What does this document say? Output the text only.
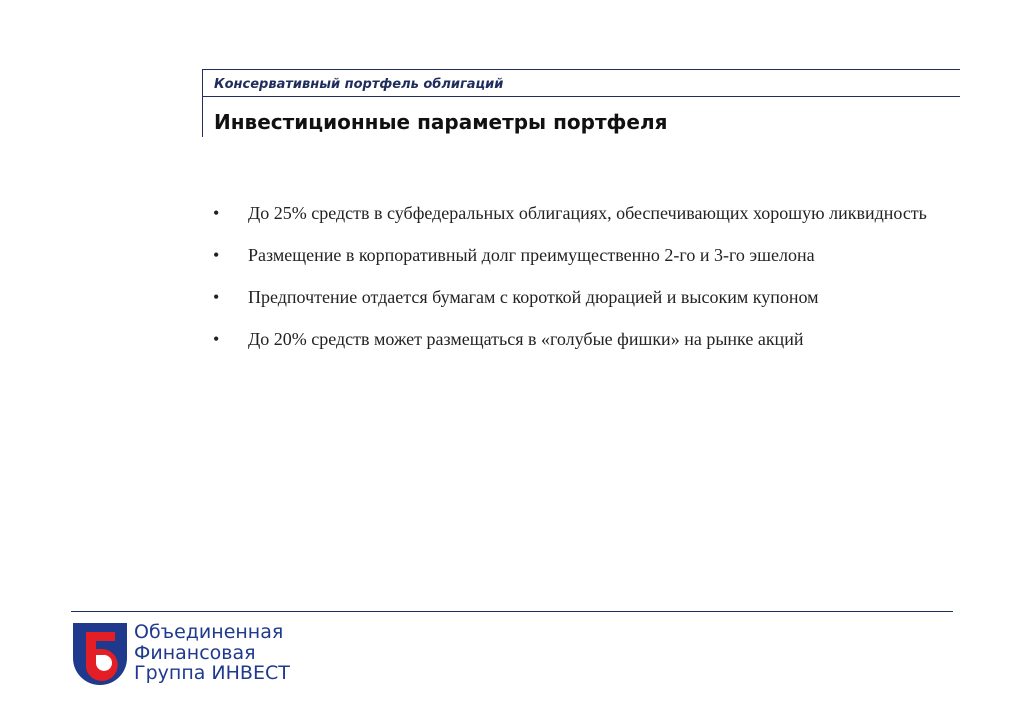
Консервативный портфель облигаций
Инвестиционные параметры портфеля
• До 25% средств в субфедеральных облигациях, обеспечивающих хорошую ликвидность
• Размещение в корпоративный долг преимущественно 2-го и 3-го эшелона
• Предпочтение отдается бумагам с короткой дюрацией и высоким купоном
• До 20% средств может размещаться в «голубые фишки» на рынке акций
Объединенная
Финансовая
Группа ИНВЕСТ
